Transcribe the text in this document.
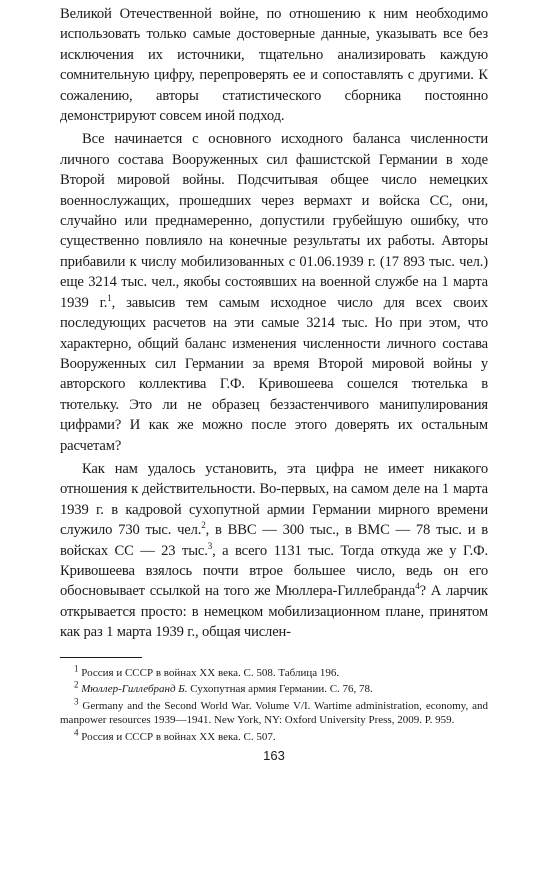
Великой Отечественной войне, по отношению к ним необходимо использовать только самые достоверные данные, указывать все без исключения их источники, тщательно анализировать каждую сомнительную цифру, перепроверять ее и сопоставлять с другими. К сожалению, авторы статистического сборника постоянно демонстрируют совсем иной подход.

Все начинается с основного исходного баланса численности личного состава Вооруженных сил фашистской Германии в ходе Второй мировой войны. Подсчитывая общее число немецких военнослужащих, прошедших через вермахт и войска СС, они, случайно или преднамеренно, допустили грубейшую ошибку, что существенно повлияло на конечные результаты их работы. Авторы прибавили к числу мобилизованных с 01.06.1939 г. (17 893 тыс. чел.) еще 3214 тыс. чел., якобы состоявших на военной службе на 1 марта 1939 г.$^1$, завысив тем самым исходное число для всех своих последующих расчетов на эти самые 3214 тыс. Но при этом, что характерно, общий баланс изменения численности личного состава Вооруженных сил Германии за время Второй мировой войны у авторского коллектива Г.Ф. Кривошеева сошелся тютелька в тютельку. Это ли не образец беззастенчивого манипулирования цифрами? И как же можно после этого доверять их остальным расчетам?

Как нам удалось установить, эта цифра не имеет никакого отношения к действительности. Во-первых, на самом деле на 1 марта 1939 г. в кадровой сухопутной армии Германии мирного времени служило 730 тыс. чел.$^2$, в ВВС — 300 тыс., в ВМС — 78 тыс. и в войсках СС — 23 тыс.$^3$, а всего 1131 тыс. Тогда откуда же у Г.Ф. Кривошеева взялось почти втрое большее число, ведь он его обосновывает ссылкой на того же Мюллера-Гиллебранда$^4$? А ларчик открывается просто: в немецком мобилизационном плане, принятом как раз 1 марта 1939 г., общая числен-

$^1$ Россия и СССР в войнах XX века. С. 508. Таблица 196.
$^2$ Мюллер-Гиллебранд Б. Сухопутная армия Германии. С. 76, 78.
$^3$ Germany and the Second World War. Volume V/I. Wartime administration, economy, and manpower resources 1939—1941. New York, NY: Oxford University Press, 2009. P. 959.
$^4$ Россия и СССР в войнах XX века. С. 507.
163
